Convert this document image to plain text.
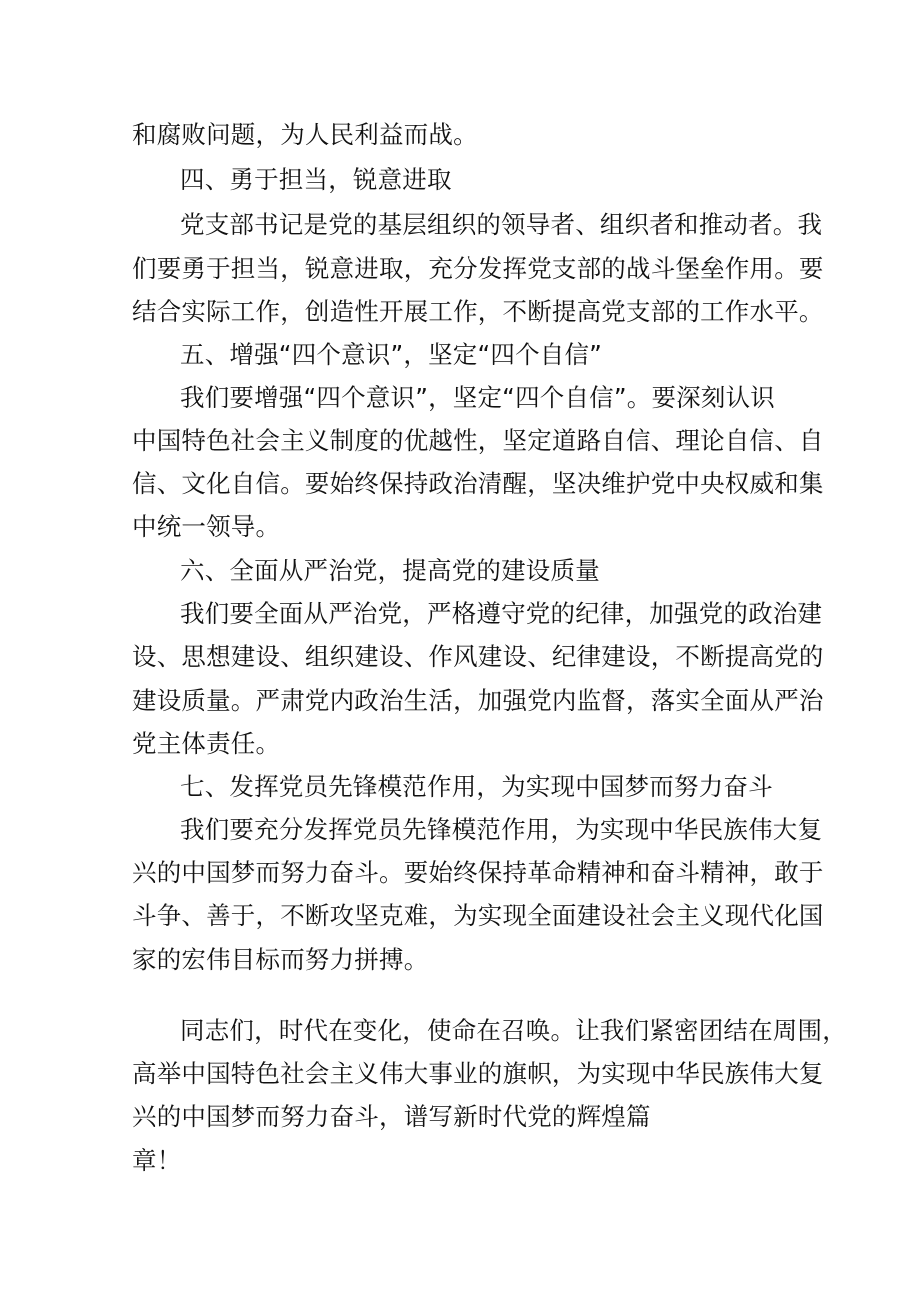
和腐败问题，为人民利益而战。
四、勇于担当，锐意进取
党支部书记是党的基层组织的领导者、组织者和推动者。我
们要勇于担当，锐意进取，充分发挥党支部的战斗堡垒作用。要
结合实际工作，创造性开展工作，不断提高党支部的工作水平。
五、增强“四个意识”，坚定“四个自信”
我们要增强“四个意识”，坚定“四个自信”。要深刻认识
中国特色社会主义制度的优越性，坚定道路自信、理论自信、自
信、文化自信。要始终保持政治清醒，坚决维护党中央权威和集
中统一领导。
六、全面从严治党，提高党的建设质量
我们要全面从严治党，严格遵守党的纪律，加强党的政治建
设、思想建设、组织建设、作风建设、纪律建设，不断提高党的
建设质量。严肃党内政治生活，加强党内监督，落实全面从严治
党主体责任。
七、发挥党员先锋模范作用，为实现中国梦而努力奋斗
我们要充分发挥党员先锋模范作用，为实现中华民族伟大复
兴的中国梦而努力奋斗。要始终保持革命精神和奋斗精神，敢于
斗争、善于，不断攻坚克难，为实现全面建设社会主义现代化国
家的宏伟目标而努力拼搏。
同志们，时代在变化，使命在召唤。让我们紧密团结在周围，
高举中国特色社会主义伟大事业的旗帜，为实现中华民族伟大复
兴的中国梦而努力奋斗，谱写新时代党的辉煌篇
章！
